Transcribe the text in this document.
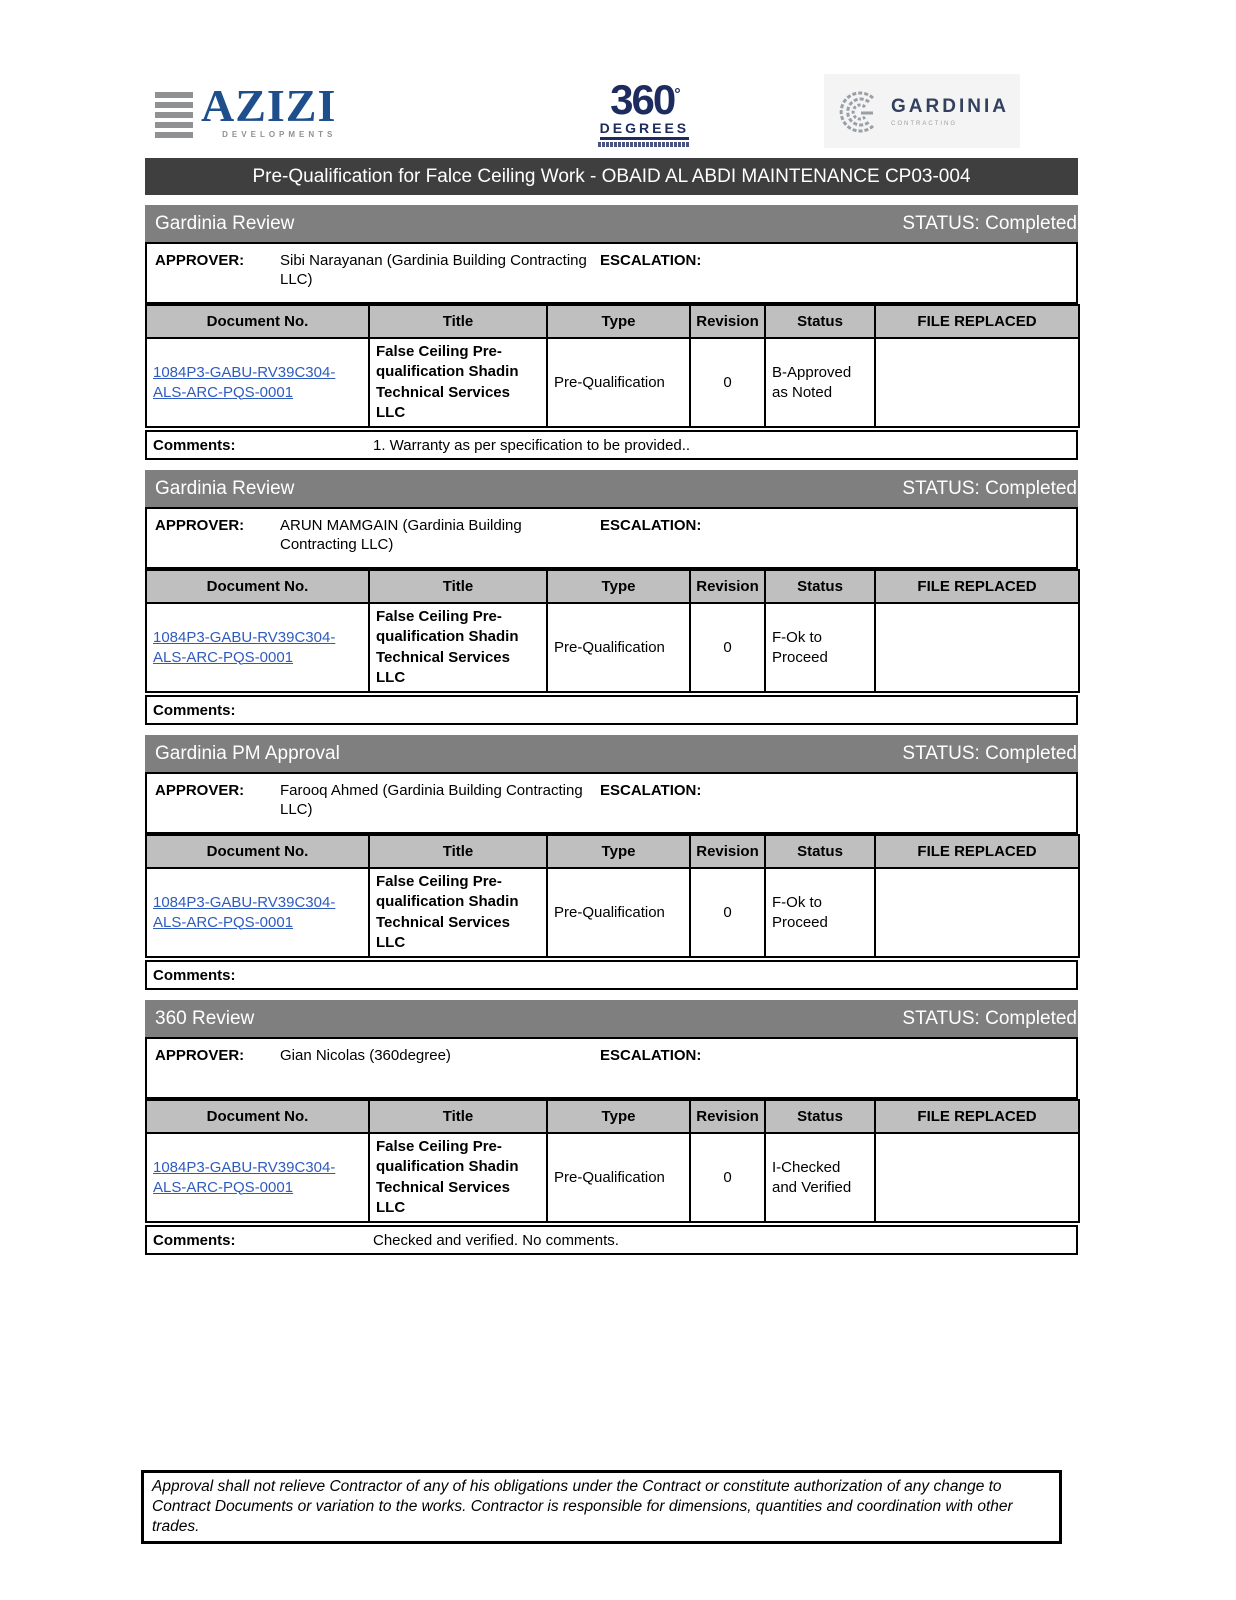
AZIZI
DEVELOPMENTS
360°
DEGREES
GARDINIA
CONTRACTING
Pre-Qualification for Falce Ceiling Work - OBAID AL ABDI MAINTENANCE CP03-004
Gardinia Review	STATUS: Completed
APPROVER:	Sibi Narayanan (Gardinia Building Contracting LLC)
ESCALATION:
Document No.	Title	Type	Revision	Status	FILE REPLACED
1084P3-GABU-RV39C304-ALS-ARC-PQS-0001	False Ceiling Pre-qualification Shadin Technical Services LLC	Pre-Qualification	0	B-Approved as Noted	
Comments:	1. Warranty as per specification to be provided..
Gardinia Review	STATUS: Completed
APPROVER:	ARUN MAMGAIN (Gardinia Building Contracting LLC)
ESCALATION:
Document No.	Title	Type	Revision	Status	FILE REPLACED
1084P3-GABU-RV39C304-ALS-ARC-PQS-0001	False Ceiling Pre-qualification Shadin Technical Services LLC	Pre-Qualification	0	F-Ok to Proceed	
Comments:
Gardinia PM Approval	STATUS: Completed
APPROVER:	Farooq Ahmed (Gardinia Building Contracting LLC)
ESCALATION:
Document No.	Title	Type	Revision	Status	FILE REPLACED
1084P3-GABU-RV39C304-ALS-ARC-PQS-0001	False Ceiling Pre-qualification Shadin Technical Services LLC	Pre-Qualification	0	F-Ok to Proceed	
Comments:
360 Review	STATUS: Completed
APPROVER:	Gian Nicolas (360degree)	ESCALATION:
Document No.	Title	Type	Revision	Status	FILE REPLACED
1084P3-GABU-RV39C304-ALS-ARC-PQS-0001	False Ceiling Pre-qualification Shadin Technical Services LLC	Pre-Qualification	0	I-Checked and Verified	
Comments:	Checked and verified. No comments.
Approval shall not relieve Contractor of any of his obligations under the Contract or constitute authorization of any change to Contract Documents or variation to the works. Contractor is responsible for dimensions, quantities and coordination with other trades.
